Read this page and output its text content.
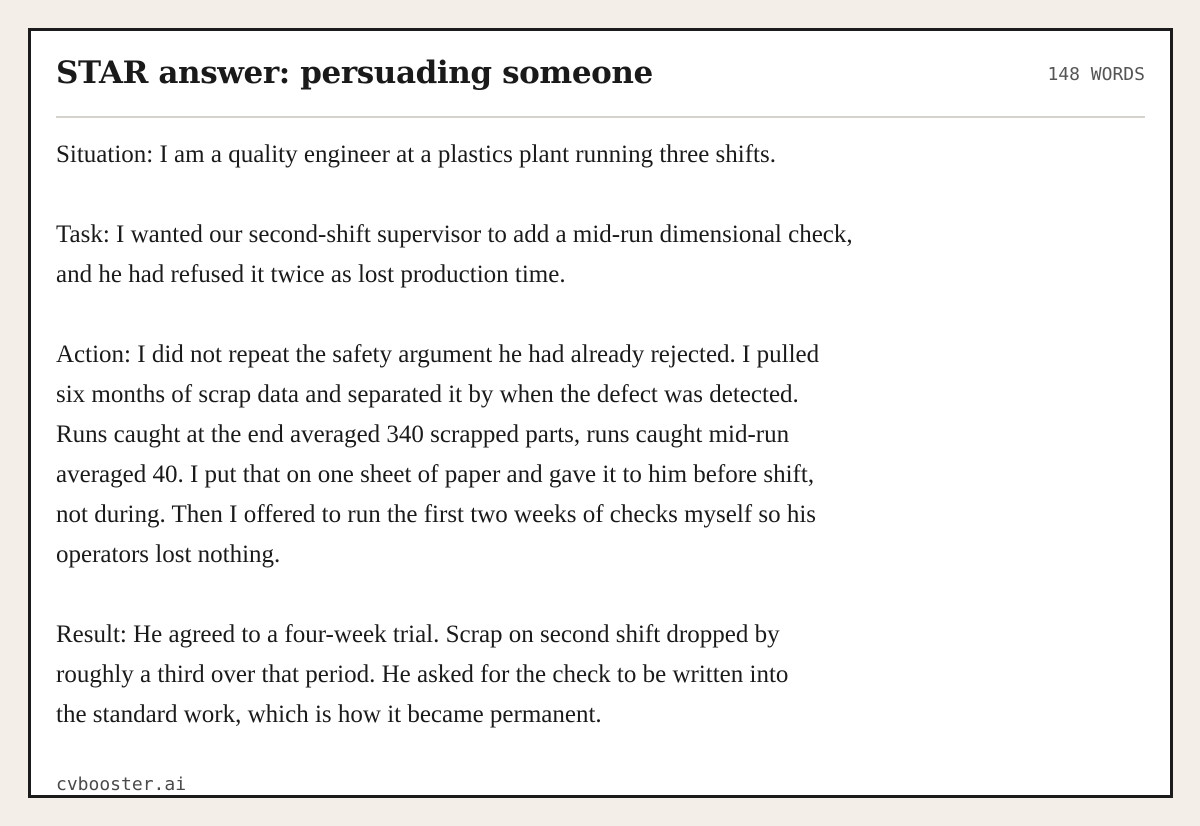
STAR answer: persuading someone	148 WORDS

Situation: I am a quality engineer at a plastics plant running three shifts.

Task: I wanted our second-shift supervisor to add a mid-run dimensional check,
and he had refused it twice as lost production time.

Action: I did not repeat the safety argument he had already rejected. I pulled
six months of scrap data and separated it by when the defect was detected.
Runs caught at the end averaged 340 scrapped parts, runs caught mid-run
averaged 40. I put that on one sheet of paper and gave it to him before shift,
not during. Then I offered to run the first two weeks of checks myself so his
operators lost nothing.

Result: He agreed to a four-week trial. Scrap on second shift dropped by
roughly a third over that period. He asked for the check to be written into
the standard work, which is how it became permanent.

cvbooster.ai
